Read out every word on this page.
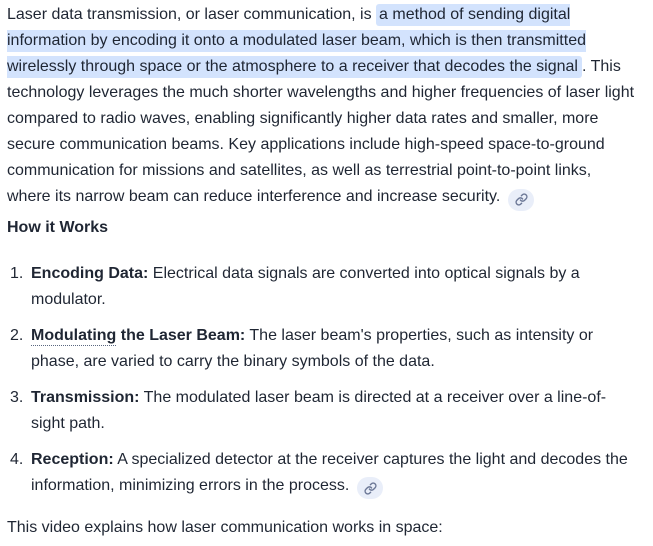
Laser data transmission, or laser communication, is a method of sending digital information by encoding it onto a modulated laser beam, which is then transmitted wirelessly through space or the atmosphere to a receiver that decodes the signal . This technology leverages the much shorter wavelengths and higher frequencies of laser light compared to radio waves, enabling significantly higher data rates and smaller, more secure communication beams. Key applications include high-speed space-to-ground communication for missions and satellites, as well as terrestrial point-to-point links, where its narrow beam can reduce interference and increase security.

How it Works
1. Encoding Data: Electrical data signals are converted into optical signals by a modulator.
2. Modulating the Laser Beam: The laser beam's properties, such as intensity or phase, are varied to carry the binary symbols of the data.
3. Transmission: The modulated laser beam is directed at a receiver over a line-of-sight path.
4. Reception: A specialized detector at the receiver captures the light and decodes the information, minimizing errors in the process.

This video explains how laser communication works in space:
